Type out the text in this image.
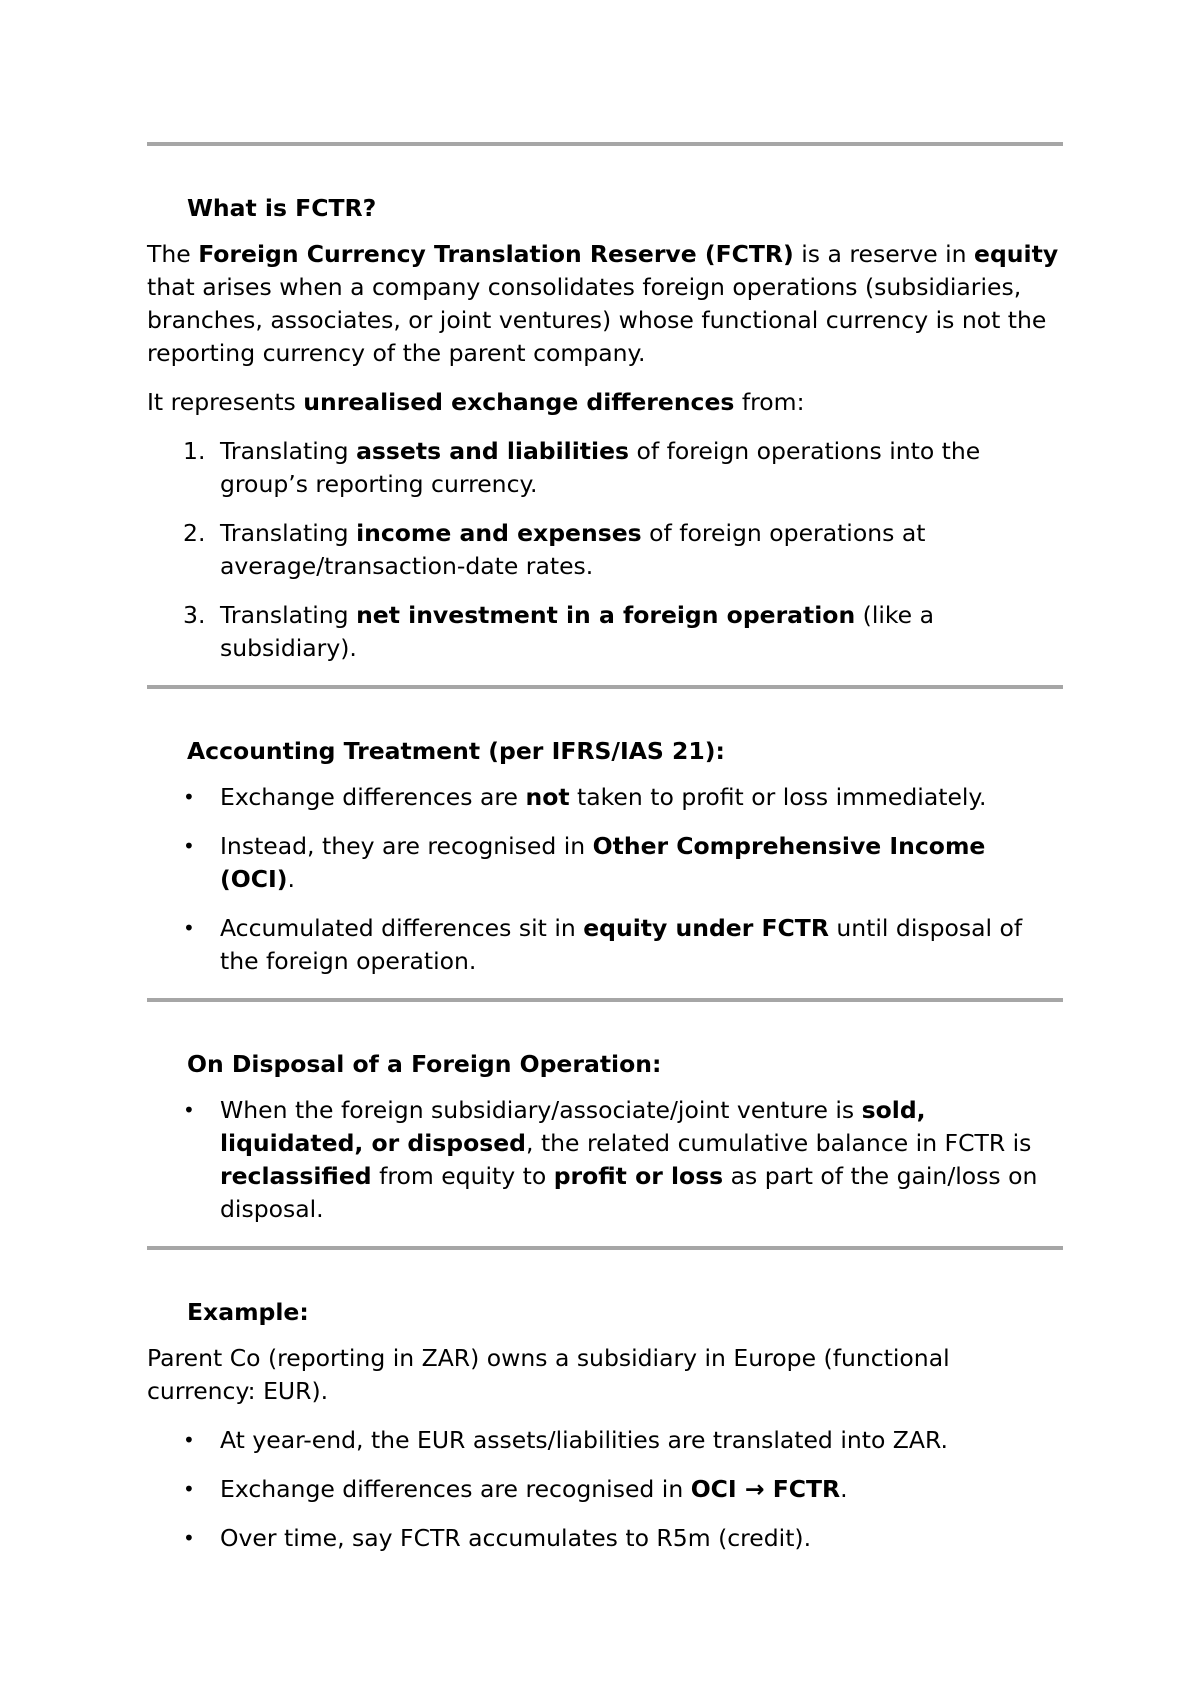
What is FCTR?

The Foreign Currency Translation Reserve (FCTR) is a reserve in equity that arises when a company consolidates foreign operations (subsidiaries, branches, associates, or joint ventures) whose functional currency is not the reporting currency of the parent company.

It represents unrealised exchange differences from:

1. Translating assets and liabilities of foreign operations into the group’s reporting currency.
2. Translating income and expenses of foreign operations at average/transaction-date rates.
3. Translating net investment in a foreign operation (like a subsidiary).
Accounting Treatment (per IFRS/IAS 21):
•	Exchange differences are not taken to profit or loss immediately.
•	Instead, they are recognised in Other Comprehensive Income (OCI).
•	Accumulated differences sit in equity under FCTR until disposal of the foreign operation.
On Disposal of a Foreign Operation:
•	When the foreign subsidiary/associate/joint venture is sold, liquidated, or disposed, the related cumulative balance in FCTR is reclassified from equity to profit or loss as part of the gain/loss on disposal.
Example:

Parent Co (reporting in ZAR) owns a subsidiary in Europe (functional currency: EUR).

•	At year-end, the EUR assets/liabilities are translated into ZAR.
•	Exchange differences are recognised in OCI → FCTR.
•	Over time, say FCTR accumulates to R5m (credit).
